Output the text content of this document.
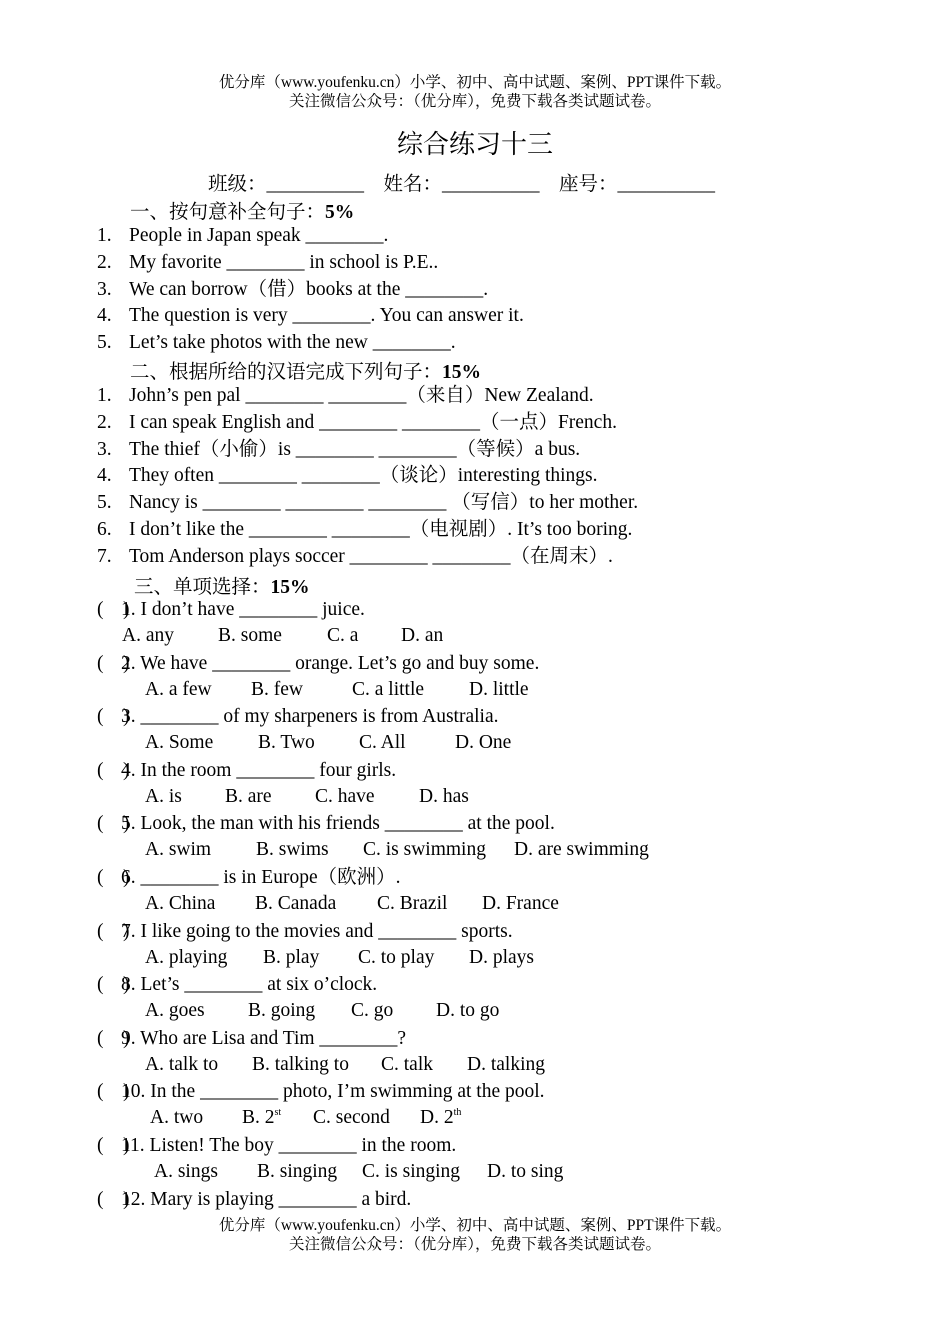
优分库（www.youfenku.cn）小学、初中、高中试题、案例、PPT课件下载。
关注微信公众号：（优分库），免费下载各类试题试卷。
综合练习十三
班级：__________ 姓名：__________ 座号：__________
一、按句意补全句子：5%
1. People in Japan speak ________.
2. My favorite ________ in school is P.E..
3. We can borrow（借）books at the ________.
4. The question is very ________. You can answer it.
5. Let’s take photos with the new ________.
二、根据所给的汉语完成下列句子：15%
1. John’s pen pal ________ ________（来自）New Zealand.
2. I can speak English and ________ ________（一点）French.
3. The thief（小偷）is ________ ________（等候）a bus.
4. They often ________ ________（谈论）interesting things.
5. Nancy is ________ ________ ________ （写信）to her mother.
6. I don’t like the ________ ________（电视剧）. It’s too boring.
7. Tom Anderson plays soccer ________ ________（在周末）.
三、单项选择：15%
(    )
1. I don’t have ________ juice.
A. any B. some C. a D. an
(    )
2. We have ________ orange. Let’s go and buy some.
A. a few B. few	C. a little D. little
(    )
3. ________ of my sharpeners is from Australia.
A. Some B. Two C. All	D. One
(    )
4. In the room ________ four girls.
A. is B. are C. have D. has
(    )
5. Look, the man with his friends ________ at the pool.
A. swim B. swims C. is swimming D. are swimming
(    )
6. ________ is in Europe（欧洲）.
A. China B. Canada C. Brazil D. France
(    )
7. I like going to the movies and ________ sports.
A. playing B. play C. to play D. plays
(    )
8. Let’s ________ at six o’clock.
A. goes B. going C. go D. to go
(    )
9. Who are Lisa and Tim ________?
A. talk to B. talking to C. talk D. talking
(    )
10. In the ________ photo, I’m swimming at the pool.
A. two B. 2st C. second D. 2th
(    )
11. Listen! The boy ________ in the room.
A. sings B. singing C. is singing D. to sing
(    )
12. Mary is playing ________ a bird.
优分库（www.youfenku.cn）小学、初中、高中试题、案例、PPT课件下载。
关注微信公众号：（优分库），免费下载各类试题试卷。
